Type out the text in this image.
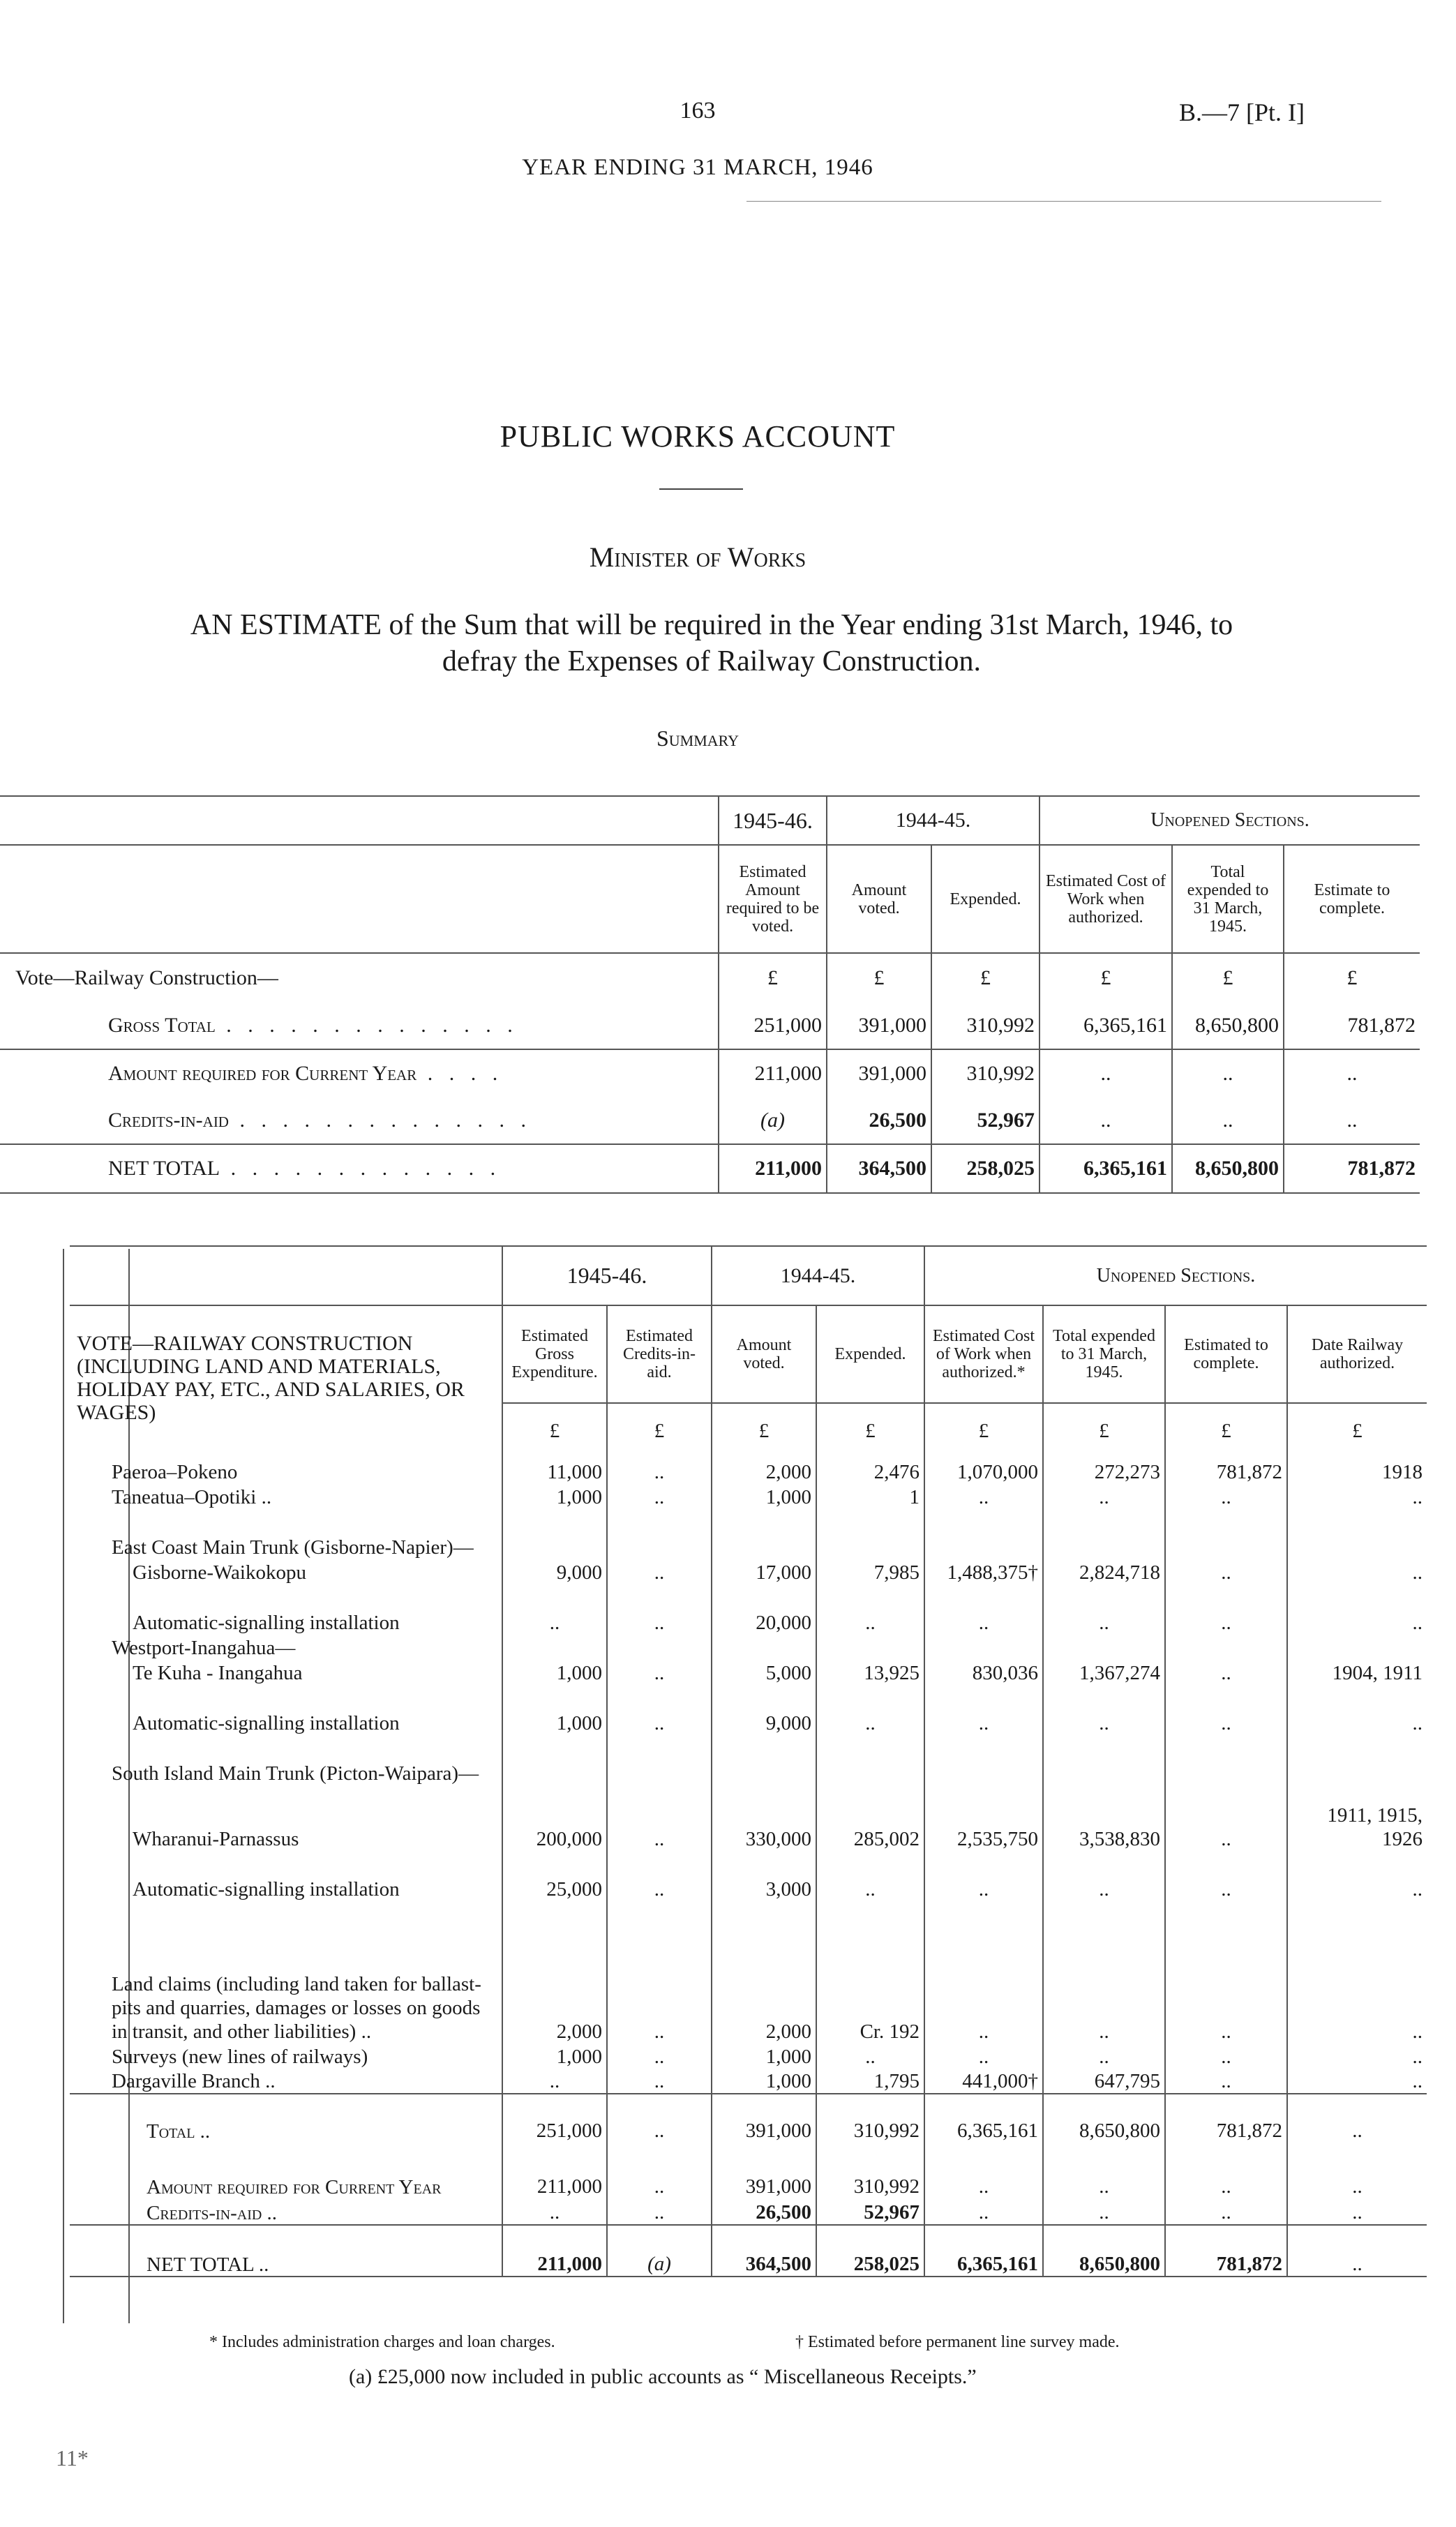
163	B.—7 [Pt. I]
YEAR ENDING 31 MARCH, 1946
PUBLIC WORKS ACCOUNT
Minister of Works
AN ESTIMATE of the Sum that will be required in the Year ending 31st March, 1946, to
defray the Expenses of Railway Construction.
Summary
	1945-46.	1944-45.		Unopened Sections.		
	Estimated Amount required to be voted.	Amount voted.	Expended.	Estimated Cost of Work when authorized.	Total expended to 31 March, 1945.	Estimate to complete.
Vote—Railway Construction—	£	£	£	£	£	£
Gross Total . . . . . . . . . . . . . .	251,000	391,000	310,992	6,365,161	8,650,800	781,872
Amount required for Current Year . . . .	211,000	391,000	310,992	..	..	..
Credits-in-aid . . . . . . . . . . . . . .	(a)	26,500	52,967	..	..	..
NET TOTAL . . . . . . . . . . . . .	211,000	364,500	258,025	6,365,161	8,650,800	781,872
	1945-46.		1944-45.		Unopened Sections.			
VOTE—RAILWAY CONSTRUCTION (INCLUDING LAND AND MATERIALS, HOLIDAY PAY, ETC., AND SALARIES, OR WAGES)	Estimated Gross Expenditure.	Estimated Credits-in-aid.	Amount voted.	Expended.	Estimated Cost of Work when authorized.*	Total expended to 31 March, 1945.	Estimated to complete.	Date Railway authorized.
	£	£	£	£	£	£	£	£
Paeroa–Pokeno	11,000	..	2,000	2,476	1,070,000	272,273	781,872	1918
Taneatua–Opotiki ..	1,000	..	1,000	1	..	..	..	..
East Coast Main Trunk (Gisborne-Napier)—								
Gisborne-Waikokopu	9,000	..	17,000	7,985	1,488,375†	2,824,718	..	..
Automatic-signalling installation	..	..	20,000	..	..	..	..	..
Westport-Inangahua—								
Te Kuha - Inangahua	1,000	..	5,000	13,925	830,036	1,367,274	..	1904, 1911
Automatic-signalling installation	1,000	..	9,000	..	..	..	..	..
South Island Main Trunk (Picton-Waipara)—								
Wharanui-Parnassus	200,000	..	330,000	285,002	2,535,750	3,538,830	..	1911, 1915, 1926
Automatic-signalling installation	25,000	..	3,000	..	..	..	..	..
Land claims (including land taken for ballast-pits and quarries, damages or losses on goods in transit, and other liabilities) ..	2,000	..	2,000	Cr. 192	..	..	..	..
Surveys (new lines of railways)	1,000	..	1,000	..	..	..	..	..
Dargaville Branch ..	..	..	1,000	1,795	441,000†	647,795	..	..
Total ..	251,000	..	391,000	310,992	6,365,161	8,650,800	781,872	..
Amount required for Current Year	211,000	..	391,000	310,992	..	..	..	..
Credits-in-aid ..	..	..	26,500	52,967	..	..	..	..
NET TOTAL ..	211,000	(a)	364,500	258,025	6,365,161	8,650,800	781,872	..
* Includes administration charges and loan charges.	† Estimated before permanent line survey made.
(a) £25,000 now included in public accounts as “ Miscellaneous Receipts.”
11*
